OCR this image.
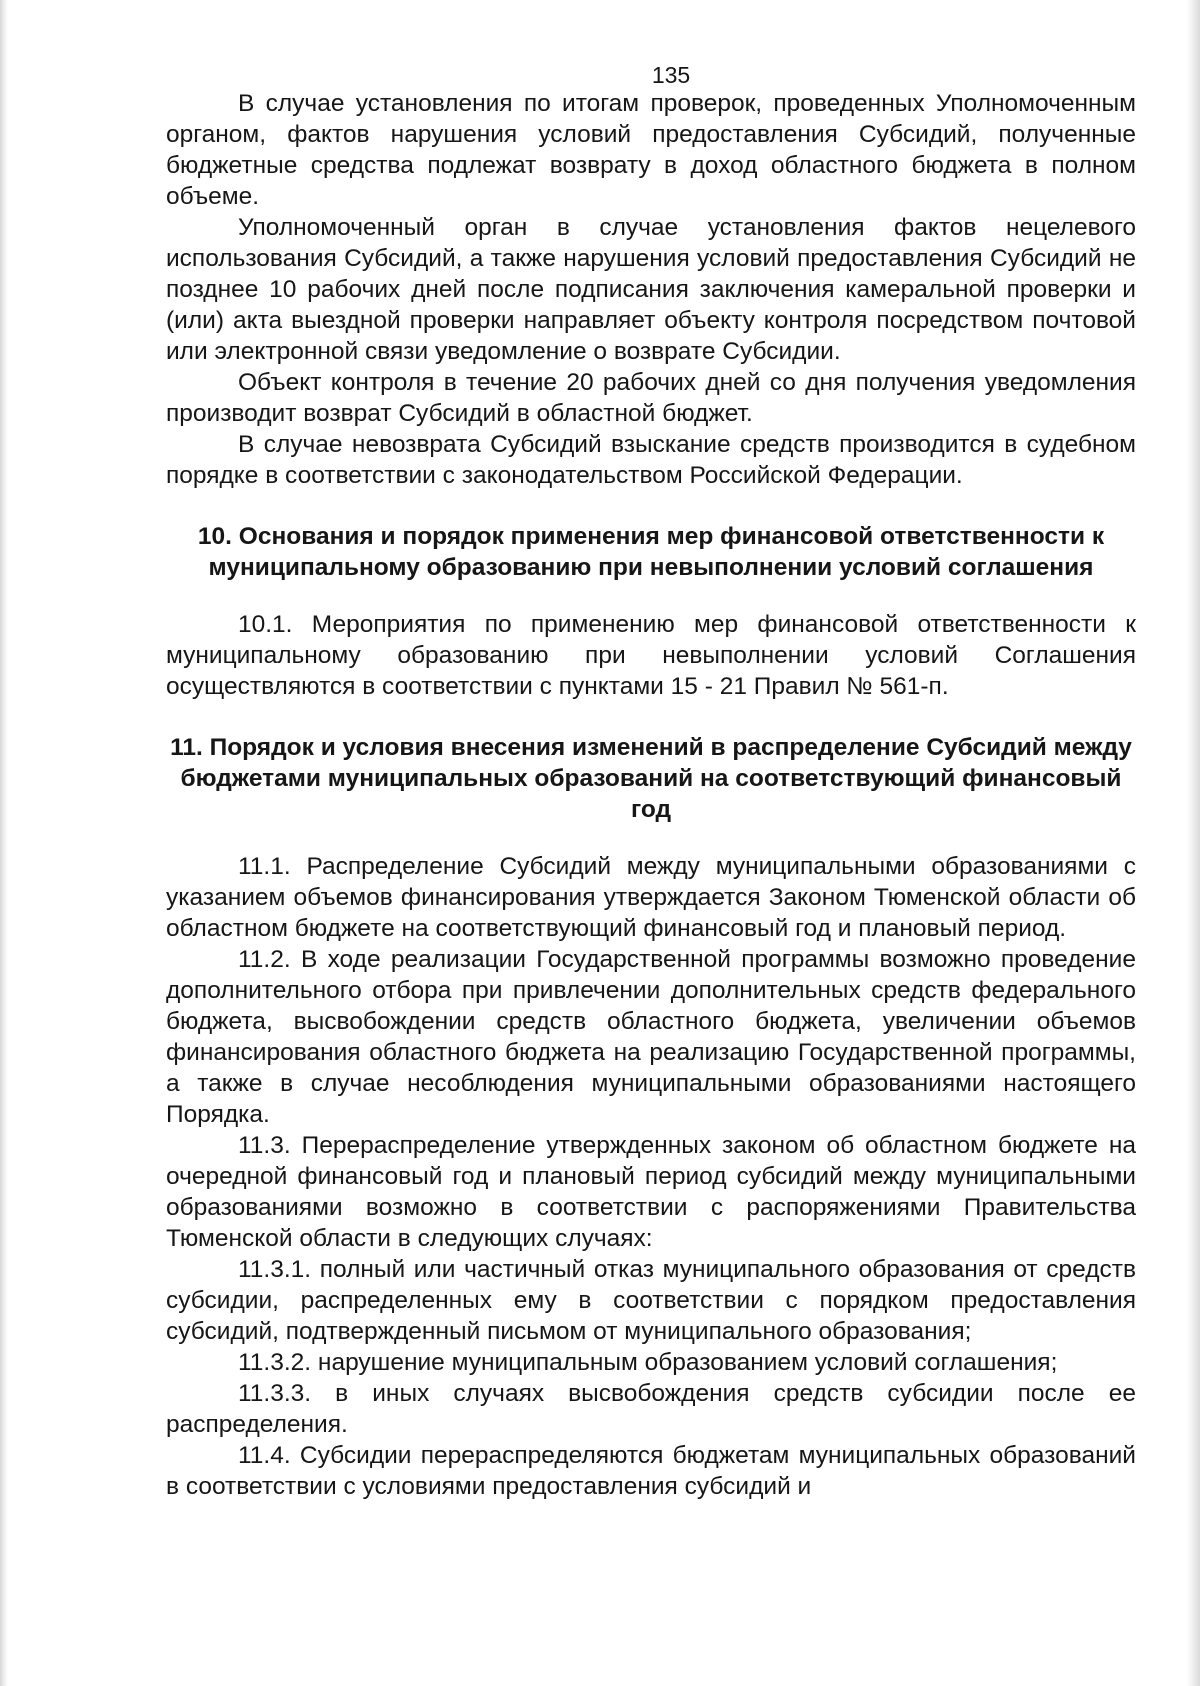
135

В случае установления по итогам проверок, проведенных Уполномоченным органом, фактов нарушения условий предоставления Субсидий, полученные бюджетные средства подлежат возврату в доход областного бюджета в полном объеме.

Уполномоченный орган в случае установления фактов нецелевого использования Субсидий, а также нарушения условий предоставления Субсидий не позднее 10 рабочих дней после подписания заключения камеральной проверки и (или) акта выездной проверки направляет объекту контроля посредством почтовой или электронной связи уведомление о возврате Субсидии.

Объект контроля в течение 20 рабочих дней со дня получения уведомления производит возврат Субсидий в областной бюджет.

В случае невозврата Субсидий взыскание средств производится в судебном порядке в соответствии с законодательством Российской Федерации.

10. Основания и порядок применения мер финансовой ответственности к муниципальному образованию при невыполнении условий соглашения

10.1. Мероприятия по применению мер финансовой ответственности к муниципальному образованию при невыполнении условий Соглашения осуществляются в соответствии с пунктами 15 - 21 Правил № 561-п.

11. Порядок и условия внесения изменений в распределение Субсидий между бюджетами муниципальных образований на соответствующий финансовый год

11.1. Распределение Субсидий между муниципальными образованиями с указанием объемов финансирования утверждается Законом Тюменской области об областном бюджете на соответствующий финансовый год и плановый период.

11.2. В ходе реализации Государственной программы возможно проведение дополнительного отбора при привлечении дополнительных средств федерального бюджета, высвобождении средств областного бюджета, увеличении объемов финансирования областного бюджета на реализацию Государственной программы, а также в случае несоблюдения муниципальными образованиями настоящего Порядка.

11.3. Перераспределение утвержденных законом об областном бюджете на очередной финансовый год и плановый период субсидий между муниципальными образованиями возможно в соответствии с распоряжениями Правительства Тюменской области в следующих случаях:

11.3.1. полный или частичный отказ муниципального образования от средств субсидии, распределенных ему в соответствии с порядком предоставления субсидий, подтвержденный письмом от муниципального образования;

11.3.2. нарушение муниципальным образованием условий соглашения;

11.3.3. в иных случаях высвобождения средств субсидии после ее распределения.

11.4. Субсидии перераспределяются бюджетам муниципальных образований в соответствии с условиями предоставления субсидий и
